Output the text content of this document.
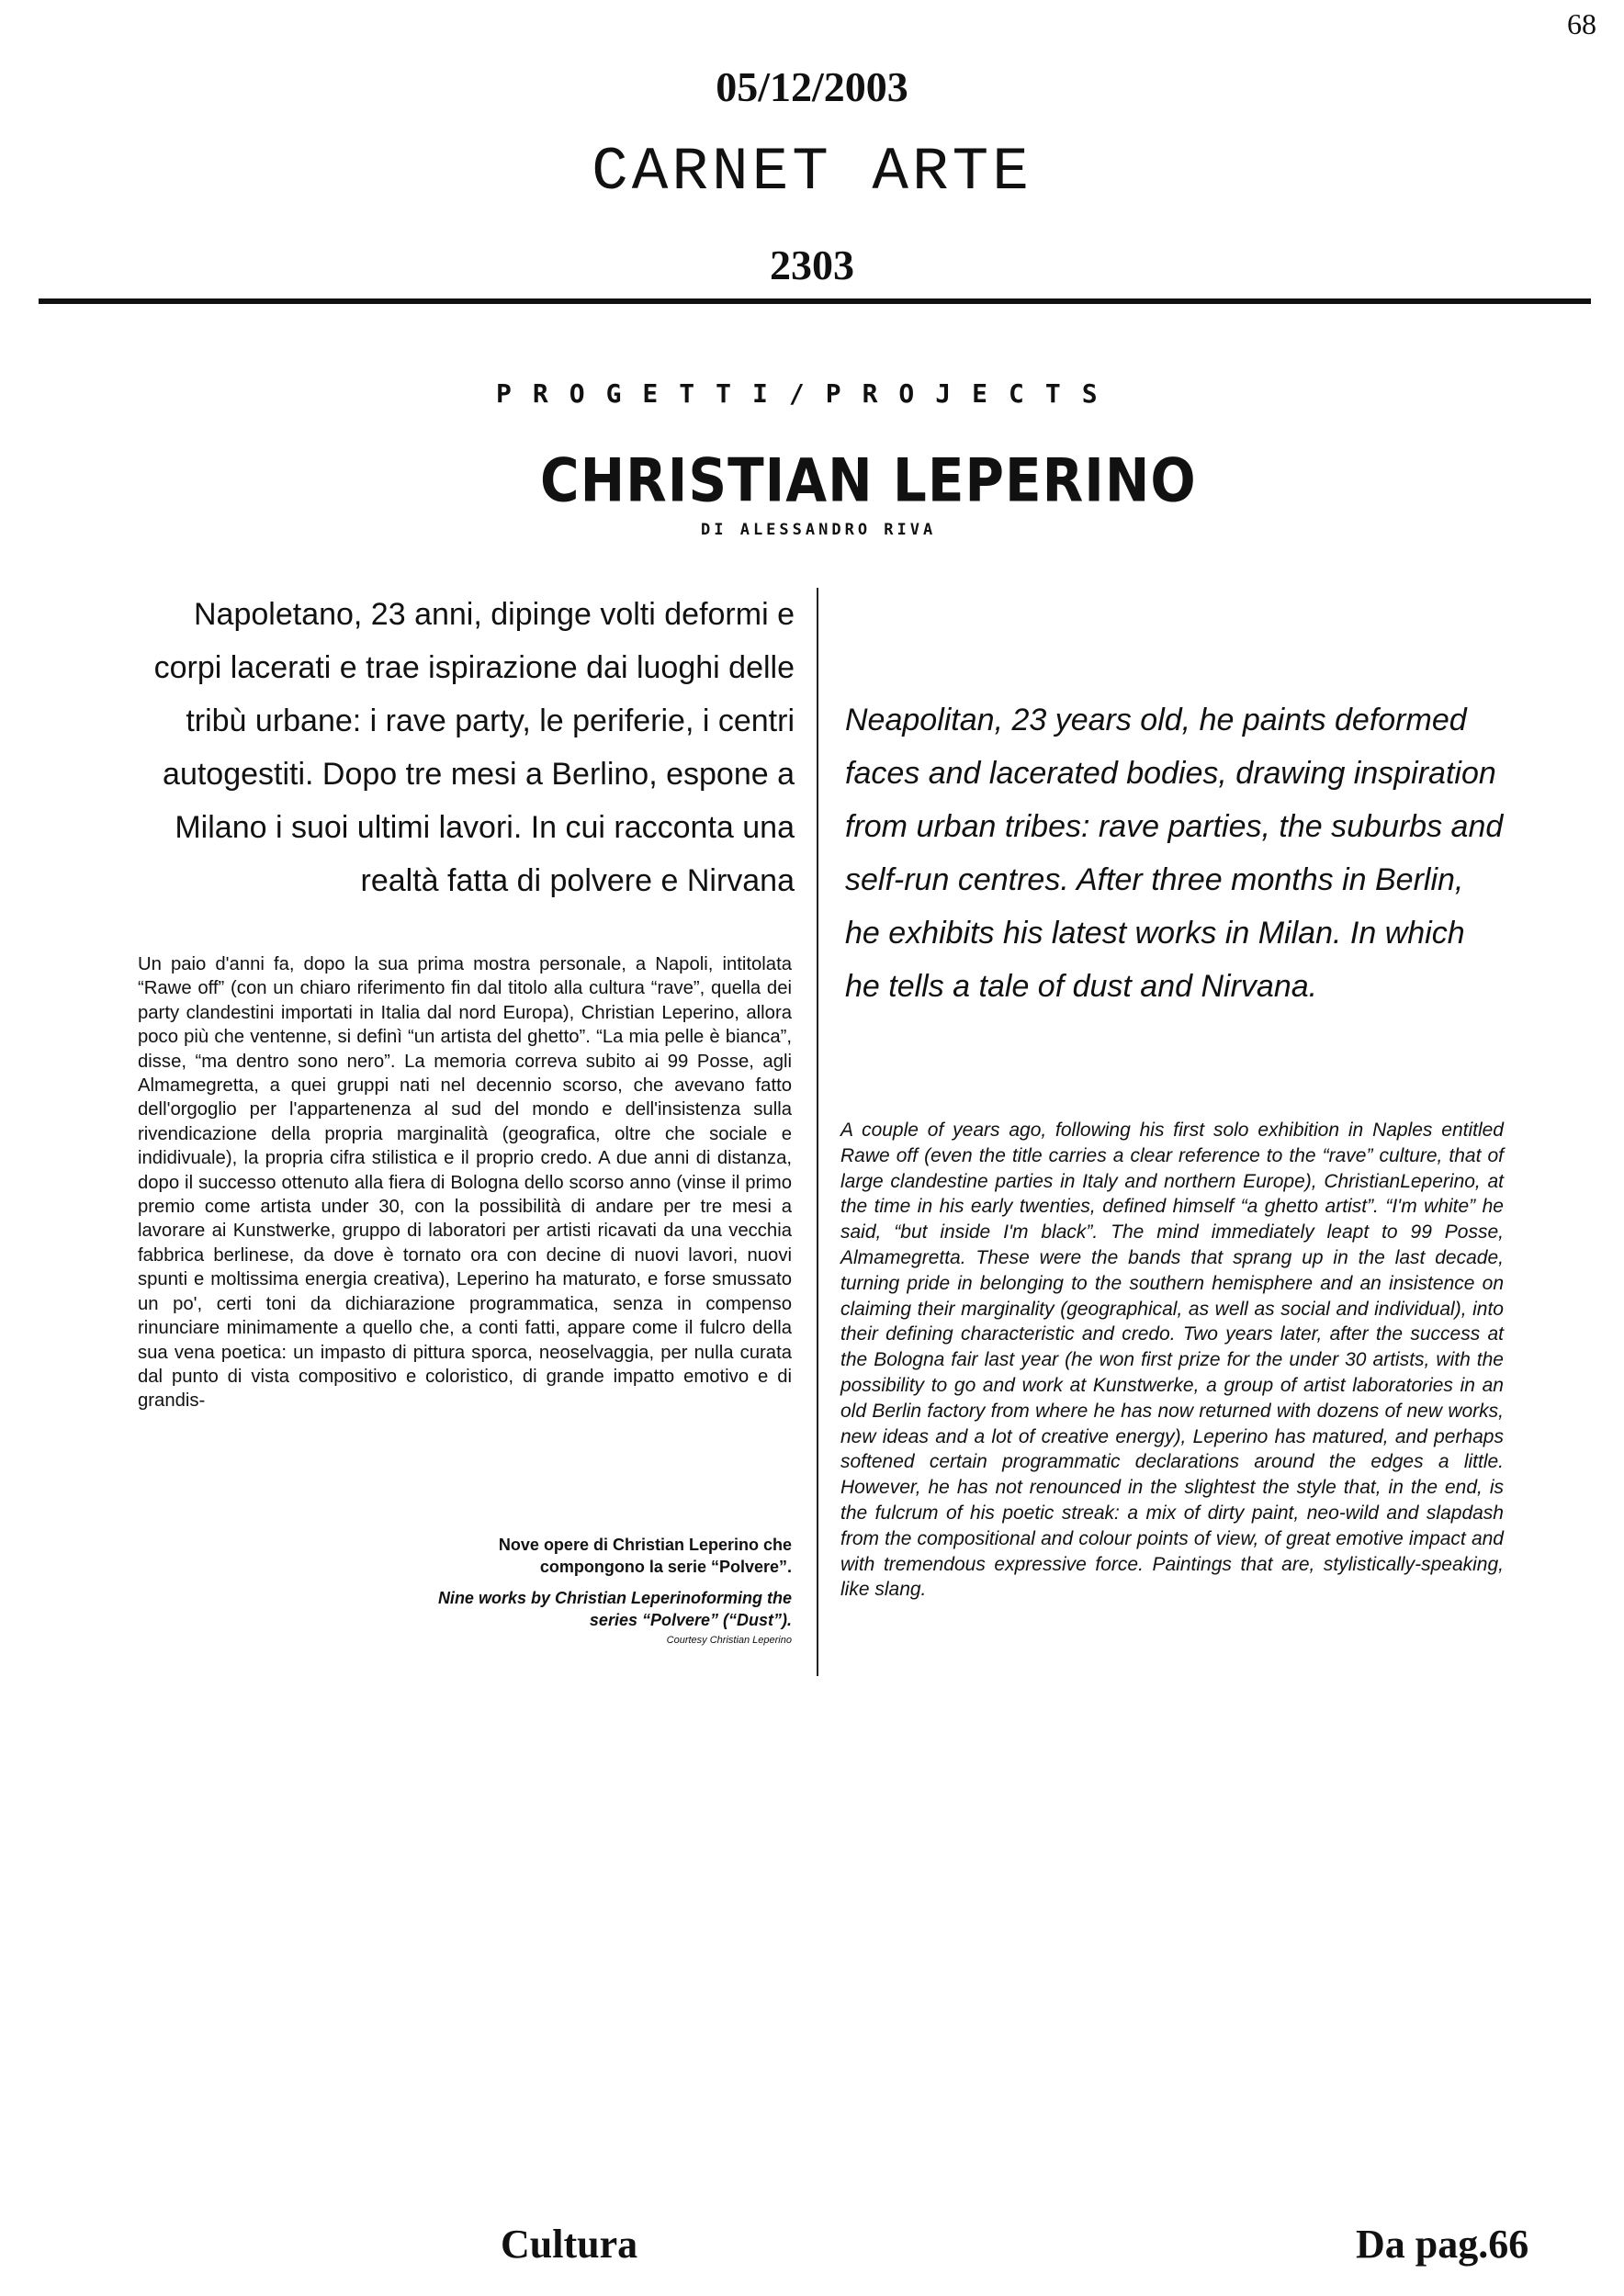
68
05/12/2003
CARNET ARTE
2303
PROGETTI/PROJECTS
CHRISTIAN LEPERINO
DI ALESSANDRO RIVA
Napoletano, 23 anni, dipinge volti deformi e corpi lacerati e trae ispirazione dai luoghi delle tribù urbane: i rave party, le periferie, i centri autogestiti. Dopo tre mesi a Berlino, espone a Milano i suoi ultimi lavori. In cui racconta una realtà fatta di polvere e Nirvana
Neapolitan, 23 years old, he paints deformed faces and lacerated bodies, drawing inspiration from urban tribes: rave parties, the suburbs and self-run centres. After three months in Berlin, he exhibits his latest works in Milan. In which he tells a tale of dust and Nirvana.
Un paio d'anni fa, dopo la sua prima mostra personale, a Napoli, intitolata “Rawe off” (con un chiaro riferimento fin dal titolo alla cultura “rave”, quella dei party clandestini importati in Italia dal nord Europa), Christian Leperino, allora poco più che ventenne, si definì “un artista del ghetto”. “La mia pelle è bianca”, disse, “ma dentro sono nero”. La memoria correva subito ai 99 Posse, agli Almamegretta, a quei gruppi nati nel decennio scorso, che avevano fatto dell'orgoglio per l'appartenenza al sud del mondo e dell'insistenza sulla rivendicazione della propria marginalità (geografica, oltre che sociale e indidivuale), la propria cifra stilistica e il proprio credo. A due anni di distanza, dopo il successo ottenuto alla fiera di Bologna dello scorso anno (vinse il primo premio come artista under 30, con la possibilità di andare per tre mesi a lavorare ai Kunstwerke, gruppo di laboratori per artisti ricavati da una vecchia fabbrica berlinese, da dove è tornato ora con decine di nuovi lavori, nuovi spunti e moltissima energia creativa), Leperino ha maturato, e forse smussato un po', certi toni da dichiarazione programmatica, senza in compenso rinunciare minimamente a quello che, a conti fatti, appare come il fulcro della sua vena poetica: un impasto di pittura sporca, neoselvaggia, per nulla curata dal punto di vista compositivo e coloristico, di grande impatto emotivo e di grandis-
A couple of years ago, following his first solo exhibition in Naples entitled Rawe off (even the title carries a clear reference to the “rave” culture, that of large clandestine parties in Italy and northern Europe), ChristianLeperino, at the time in his early twenties, defined himself “a ghetto artist”. “I'm white” he said, “but inside I'm black”. The mind immediately leapt to 99 Posse, Almamegretta. These were the bands that sprang up in the last decade, turning pride in belonging to the southern hemisphere and an insistence on claiming their marginality (geographical, as well as social and individual), into their defining characteristic and credo. Two years later, after the success at the Bologna fair last year (he won first prize for the under 30 artists, with the possibility to go and work at Kunstwerke, a group of artist laboratories in an old Berlin factory from where he has now returned with dozens of new works, new ideas and a lot of creative energy), Leperino has matured, and perhaps softened certain programmatic declarations around the edges a little. However, he has not renounced in the slightest the style that, in the end, is the fulcrum of his poetic streak: a mix of dirty paint, neo-wild and slapdash from the compositional and colour points of view, of great emotive impact and with tremendous expressive force. Paintings that are, stylistically-speaking, like slang.

Nove opere di Christian Leperino che compongono la serie “Polvere”.

Nine works by Christian Leperinoforming the series “Polvere” (“Dust”).

Courtesy Christian Leperino

Cultura	Da pag.66
